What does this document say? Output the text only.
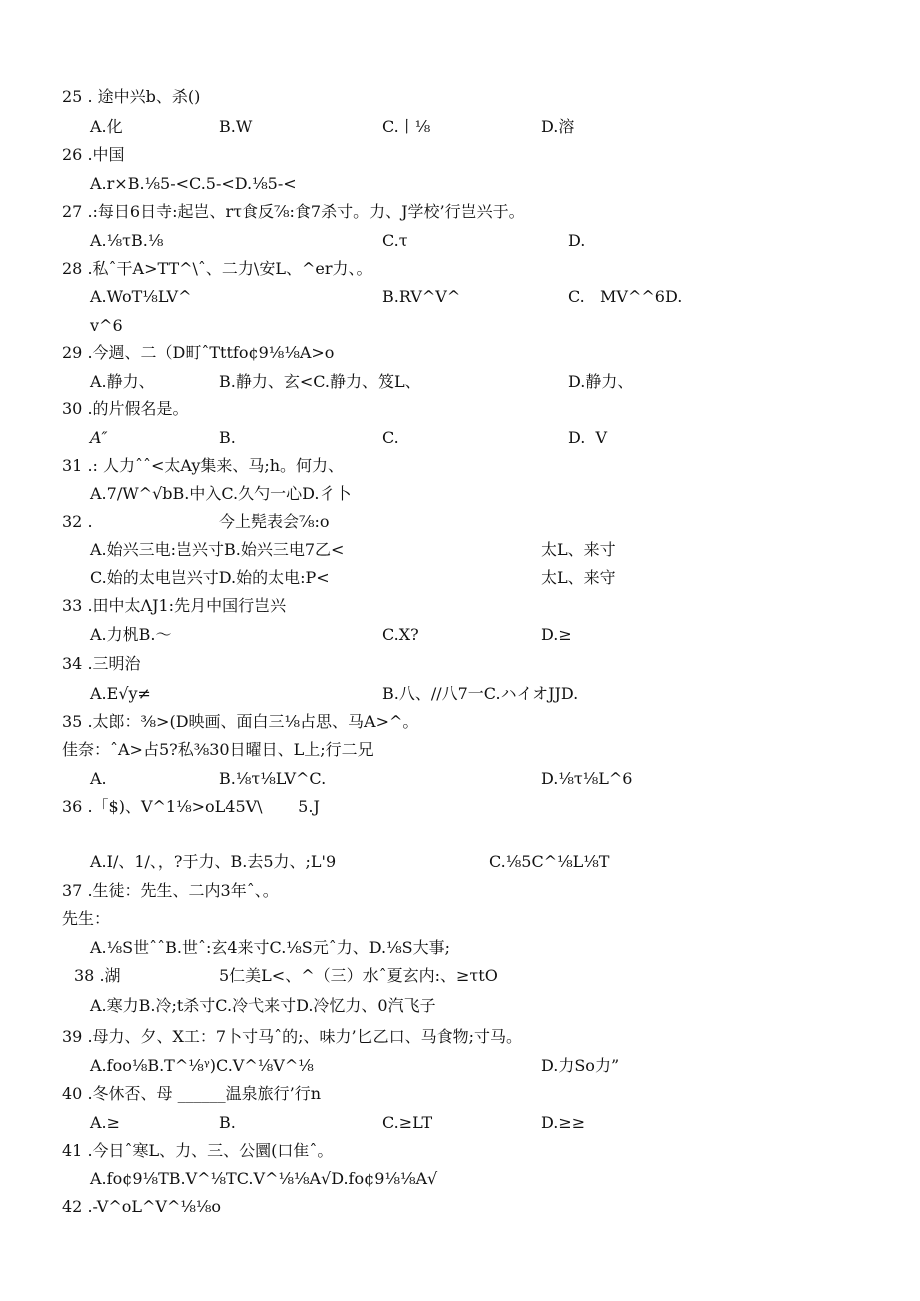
25 . 途中兴b、杀()
A.化	B.W	C.丨⅛	D.溶
26 .中国
A.r×B.⅛5-<C.5-<D.⅛5-<
27 .:每日6日寺:起岂、rτ食反⅞:食7杀寸。力、J学校’行岂兴于。
A.⅛τB.⅛	C.τ	D.
28 .私ˆ干A>TT^\ˆ、二力\安L、^er力、。
A.WoT⅛LV^	B.RV^V^	C.   MV^^6D.
v^6
29 .今週、二（D町ˆTttfo¢9⅛⅛A>o
A.静力、	B.静力、玄<C.静力、笈L、	D.静力、
30 .的片假名是。
A″	B.	C.	D.  V
31 .: 人力ˆˆ<太Ay集来、马;h。何力、
A.7/W^√bB.中入C.久勺一心D.彳卜
32 .	今上髡表会⅞:o
A.始兴三电:岂兴寸B.始兴三电7乙<	太L、来寸
C.始的太电岂兴寸D.始的太电:P<	太L、来守
33 .田中太ΛJ1:先月中国行岂兴
A.力杋B.～	C.X?	D.≥
34 .三明治
A.E√y≠	B.八、//八7一C.ハイオJJD.
35 .太郎：⅜>(D映画、面白三⅛占思、马A>^。
佳奈：ˆA>占5?私⅜30日曜日、L上;行二兄
A.	B.⅛τ⅛LV^C.	D.⅛τ⅛L^6
36 .「$)、V^1⅛>oL45V\       5.J
A.I/、1/、，?于力、B.去5力、;L'9	C.⅛5C^⅛L⅛T
37 .生徒：先生、二内3年ˆ、。
先生：
A.⅛S世ˆˆB.世ˆ:玄4来寸C.⅛S元ˆ力、D.⅛S大事;
38 .湖	5仁美L<、^（三）水ˆ夏玄内:、≥τtO
A.寒力B.冷;t杀寸C.冷弋来寸D.冷忆力、0汽飞子
39 .母力、夕、X工：7卜寸马ˆ的;、味力’匕乙口、马食物;寸马。
A.foo⅛B.T^⅛ᵞ)C.V^⅛V^⅛	D.力So力”
40 .冬休否、母 ______温泉旅行’行n
A.≥	B.	C.≥LT	D.≥≥
41 .今日ˆ寒L、力、三、公圜(口隹ˆ。
A.fo¢9⅛TB.V^⅛TC.V^⅛⅛A√D.fo¢9⅛⅛A√
42 .-V^oL^V^⅛⅛o
